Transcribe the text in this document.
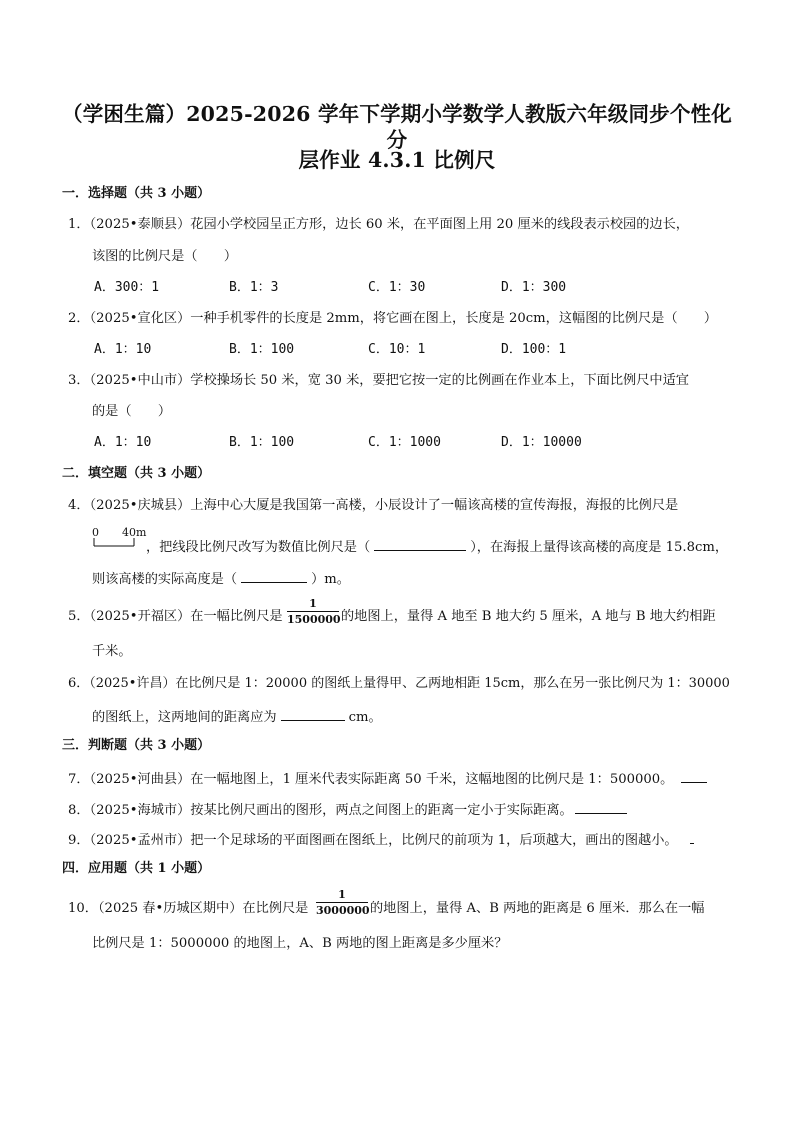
（学困生篇）2025-2026 学年下学期小学数学人教版六年级同步个性化分
层作业 4.3.1 比例尺
一．选择题（共 3 小题）
1．（2025•泰顺县）花园小学校园呈正方形，边长 60 米，在平面图上用 20 厘米的线段表示校园的边长，
该图的比例尺是（　　）
A．300：1	B．1：3	C．1：30	D．1：300
2．（2025•宣化区）一种手机零件的长度是 2mm，将它画在图上，长度是 20cm，这幅图的比例尺是（　　）
A．1：10	B．1：100	C．10：1	D．100：1
3．（2025•中山市）学校操场长 50 米，宽 30 米，要把它按一定的比例画在作业本上，下面比例尺中适宜
的是（　　）
A．1：10	B．1：100	C．1：1000	D．1：10000
二．填空题（共 3 小题）
4．（2025•庆城县）上海中心大厦是我国第一高楼，小辰设计了一幅该高楼的宣传海报，海报的比例尺是
0 40m
，把线段比例尺改写为数值比例尺是（	），在海报上量得该高楼的高度是 15.8cm，
则该高楼的实际高度是（	）m。
5．（2025•开福区）在一幅比例尺是
1
1500000 的地图上，量得 A 地至 B 地大约 5 厘米，A 地与 B 地大约相距
千米。
6．（2025•许昌）在比例尺是 1：20000 的图纸上量得甲、乙两地相距 15cm，那么在另一张比例尺为 1：30000
的图纸上，这两地间的距离应为	cm。
三．判断题（共 3 小题）
7．（2025•河曲县）在一幅地图上，1 厘米代表实际距离 50 千米，这幅地图的比例尺是 1：500000。
8．（2025•海城市）按某比例尺画出的图形，两点之间图上的距离一定小于实际距离。
9．（2025•孟州市）把一个足球场的平面图画在图纸上，比例尺的前项为 1，后项越大，画出的图越小。
四．应用题（共 1 小题）
10．（2025 春•历城区期中）在比例尺是
1
3000000 的地图上，量得 A、B 两地的距离是 6 厘米．那么在一幅
比例尺是 1：5000000 的地图上，A、B 两地的图上距离是多少厘米？
